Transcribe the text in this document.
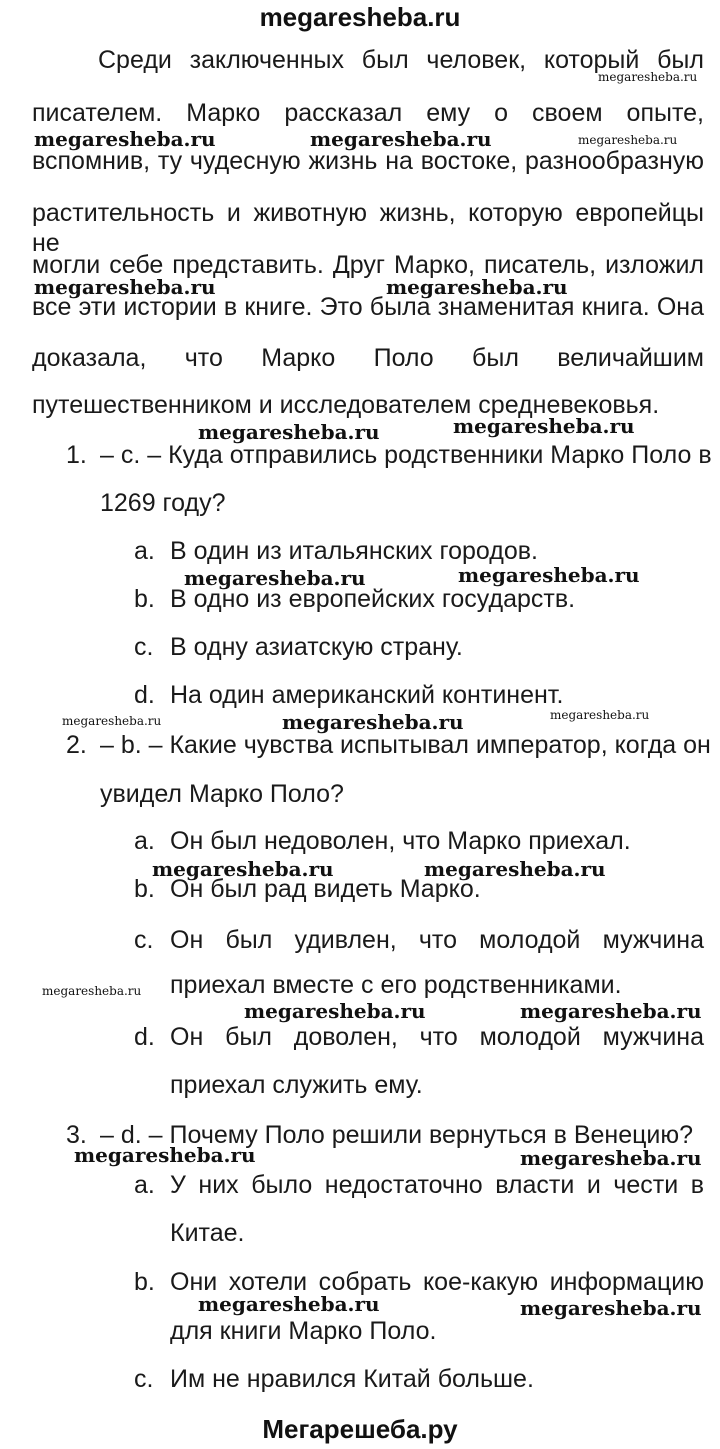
megaresheba.ru
Среди заключенных был человек, который был
писателем. Марко рассказал ему о своем опыте,
вспомнив, ту чудесную жизнь на востоке, разнообразную
растительность и животную жизнь, которую европейцы не
могли себе представить. Друг Марко, писатель, изложил
все эти истории в книге. Это была знаменитая книга. Она
доказала, что Марко Поло был величайшим
путешественником и исследователем средневековья.
1. – c. – Куда отправились родственники Марко Поло в
1269 году?
a. В один из итальянских городов.
b. В одно из европейских государств.
c. В одну азиатскую страну.
d. На один американский континент.
2. – b. – Какие чувства испытывал император, когда он
увидел Марко Поло?
a. Он был недоволен, что Марко приехал.
b. Он был рад видеть Марко.
c. Он был удивлен, что молодой мужчина
приехал вместе с его родственниками.
d. Он был доволен, что молодой мужчина
приехал служить ему.
3. – d. – Почему Поло решили вернуться в Венецию?
a. У них было недостаточно власти и чести в
Китае.
b. Они хотели собрать кое-какую информацию
для книги Марко Поло.
c. Им не нравился Китай больше.
Мегарешеба.ру
megaresheba.ru
megaresheba.ru	megaresheba.ru	megaresheba.ru
megaresheba.ru	megaresheba.ru
megaresheba.ru	megaresheba.ru
megaresheba.ru	megaresheba.ru
megaresheba.ru	megaresheba.ru	megaresheba.ru
megaresheba.ru	megaresheba.ru
megaresheba.ru
megaresheba.ru	megaresheba.ru
megaresheba.ru	megaresheba.ru
megaresheba.ru	megaresheba.ru
